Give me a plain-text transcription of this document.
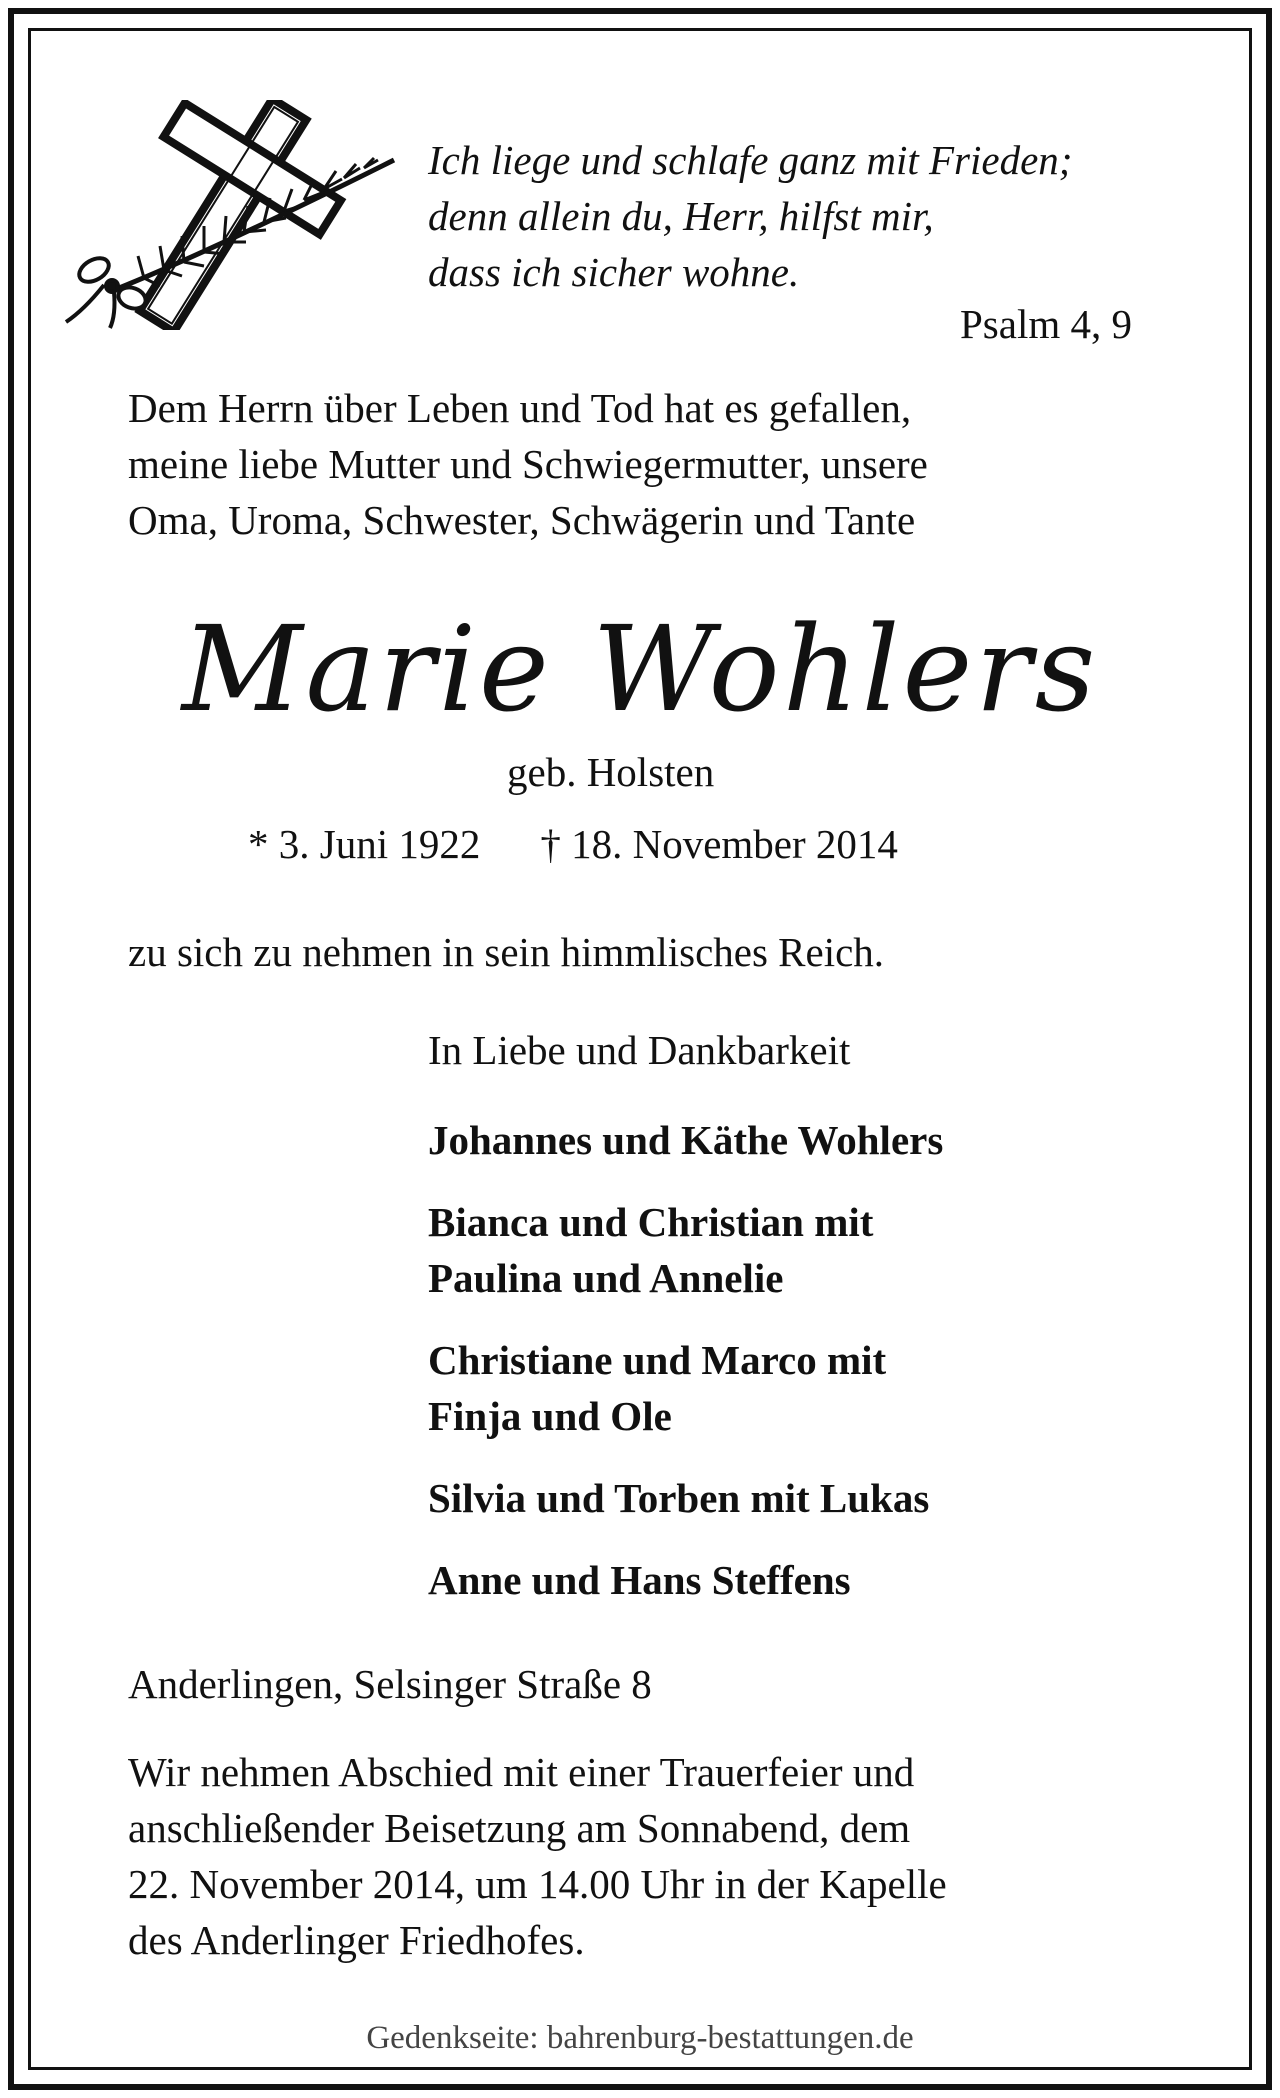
Ich liege und schlafe ganz mit Frieden;
denn allein du, Herr, hilfst mir,
dass ich sicher wohne.
Psalm 4, 9
Dem Herrn über Leben und Tod hat es gefallen,
meine liebe Mutter und Schwiegermutter, unsere
Oma, Uroma, Schwester, Schwägerin und Tante
Marie Wohlers
geb. Holsten
* 3. Juni 1922 † 18. November 2014
zu sich zu nehmen in sein himmlisches Reich.
In Liebe und Dankbarkeit
Johannes und Käthe Wohlers
Bianca und Christian mit
Paulina und Annelie
Christiane und Marco mit
Finja und Ole
Silvia und Torben mit Lukas
Anne und Hans Steffens
Anderlingen, Selsinger Straße 8
Wir nehmen Abschied mit einer Trauerfeier und
anschließender Beisetzung am Sonnabend, dem
22. November 2014, um 14.00 Uhr in der Kapelle
des Anderlinger Friedhofes.
Gedenkseite: bahrenburg-bestattungen.de
